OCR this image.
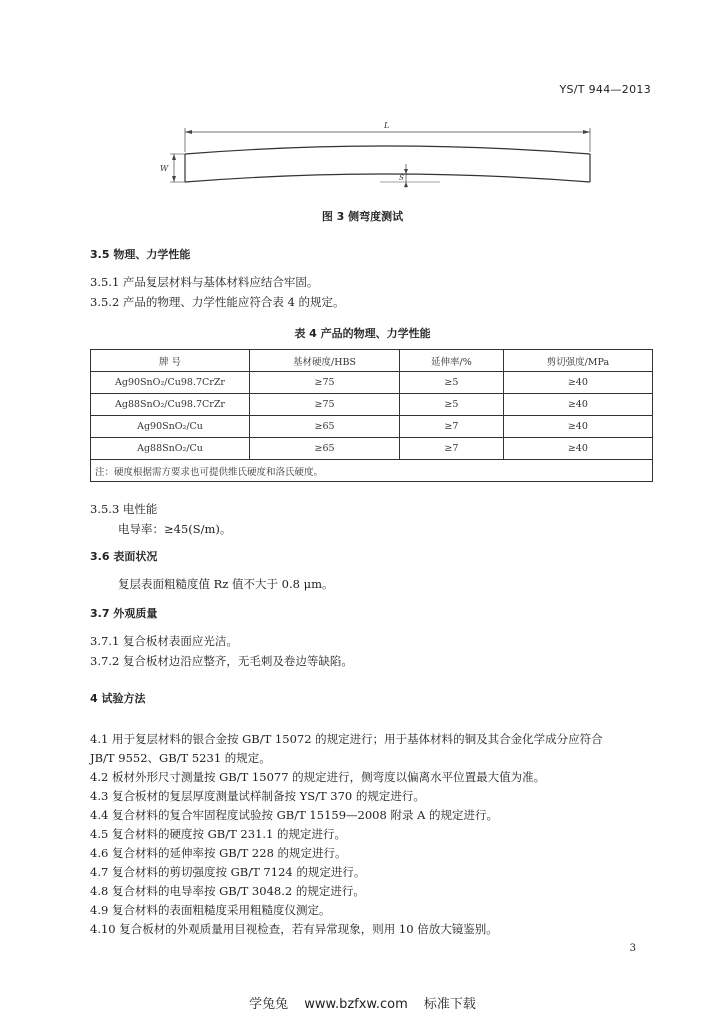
YS/T 944—2013
L
W
S
图 3 侧弯度测试
3.5 物理、力学性能
3.5.1 产品复层材料与基体材料应结合牢固。
3.5.2 产品的物理、力学性能应符合表 4 的规定。
表 4 产品的物理、力学性能
牌 号	基材硬度/HBS	延伸率/%	剪切强度/MPa
Ag90SnO₂/Cu98.7CrZr	≥75	≥5	≥40
Ag88SnO₂/Cu98.7CrZr	≥75	≥5	≥40
Ag90SnO₂/Cu	≥65	≥7	≥40
Ag88SnO₂/Cu	≥65	≥7	≥40
注：硬度根据需方要求也可提供维氏硬度和洛氏硬度。			
3.5.3 电性能
电导率：≥45(S/m)。
3.6 表面状况
复层表面粗糙度值 Rz 值不大于 0.8 μm。
3.7 外观质量
3.7.1 复合板材表面应光洁。
3.7.2 复合板材边沿应整齐，无毛刺及卷边等缺陷。
4 试验方法
4.1 用于复层材料的银合金按 GB/T 15072 的规定进行；用于基体材料的铜及其合金化学成分应符合
JB/T 9552、GB/T 5231 的规定。
4.2 板材外形尺寸测量按 GB/T 15077 的规定进行，侧弯度以偏离水平位置最大值为准。
4.3 复合板材的复层厚度测量试样制备按 YS/T 370 的规定进行。
4.4 复合材料的复合牢固程度试验按 GB/T 15159—2008 附录 A 的规定进行。
4.5 复合材料的硬度按 GB/T 231.1 的规定进行。
4.6 复合材料的延伸率按 GB/T 228 的规定进行。
4.7 复合材料的剪切强度按 GB/T 7124 的规定进行。
4.8 复合材料的电导率按 GB/T 3048.2 的规定进行。
4.9 复合材料的表面粗糙度采用粗糙度仪测定。
4.10 复合板材的外观质量用目视检查，若有异常现象，则用 10 倍放大镜鉴别。
3
学兔兔 www.bzfxw.com 标准下载
